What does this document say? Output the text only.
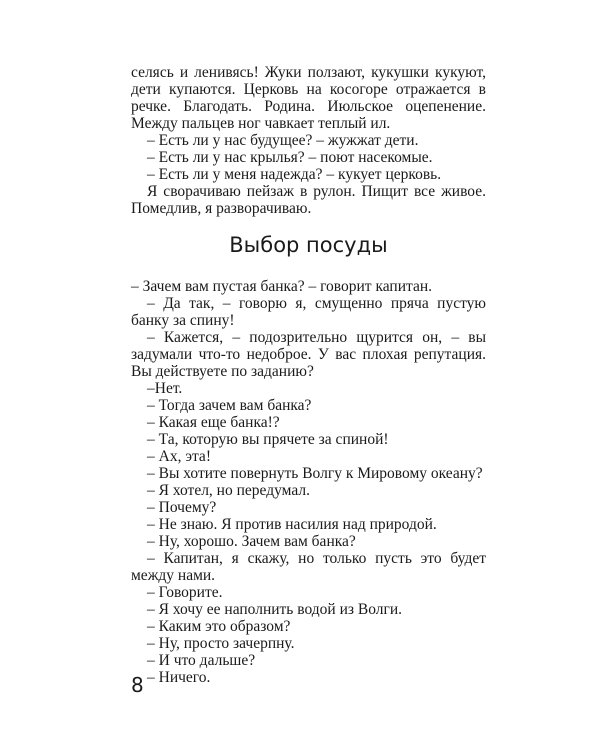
селясь и ленивясь! Жуки ползают, кукушки кукуют, дети купаются. Церковь на косогоре отражается в речке. Благодать. Родина. Июльское оцепенение. Между пальцев ног чавкает теплый ил.

– Есть ли у нас будущее? – жужжат дети.

– Есть ли у нас крылья? – поют насекомые.

– Есть ли у меня надежда? – кукует церковь.

Я сворачиваю пейзаж в рулон. Пищит все живое. Помедлив, я разворачиваю.

Выбор посуды

– Зачем вам пустая банка? – говорит капитан.

– Да так, – говорю я, смущенно пряча пустую банку за спину!

– Кажется, – подозрительно щурится он, – вы задумали что-то недоброе. У вас плохая репутация. Вы действуете по заданию?

–Нет.

– Тогда зачем вам банка?

– Какая еще банка!?

– Та, которую вы прячете за спиной!

– Ах, эта!

– Вы хотите повернуть Волгу к Мировому океану?

– Я хотел, но передумал.

– Почему?

– Не знаю. Я против насилия над природой.

– Ну, хорошо. Зачем вам банка?

– Капитан, я скажу, но только пусть это будет между нами.

– Говорите.

– Я хочу ее наполнить водой из Волги.

– Каким это образом?

– Ну, просто зачерпну.

– И что дальше?

– Ничего.

8
